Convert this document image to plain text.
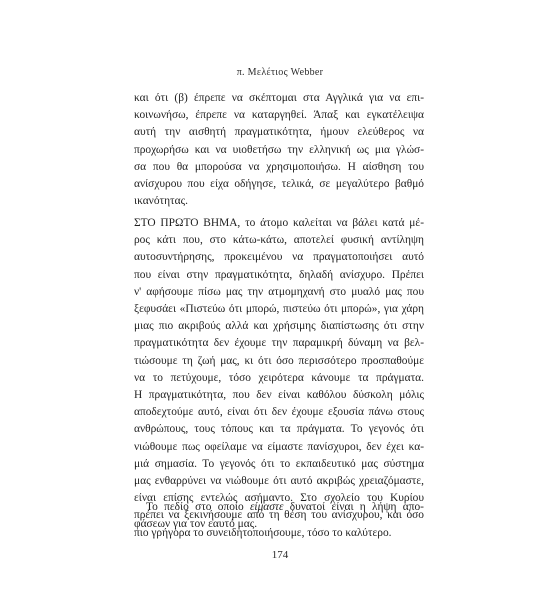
π. Μελέτιος Webber
και ότι (β) έπρεπε να σκέπτομαι στα Αγγλικά για να επι-
κοινωνήσω, έπρεπε να καταργηθεί. Άπαξ και εγκατέλειψα
αυτή την αισθητή πραγματικότητα, ήμουν ελεύθερος να
προχωρήσω και να υιοθετήσω την ελληνική ως μια γλώσ-
σα που θα μπορούσα να χρησιμοποιήσω. Η αίσθηση του
ανίσχυρου που είχα οδήγησε, τελικά, σε μεγαλύτερο βαθμό
ικανότητας.
ΣΤΟ ΠΡΩΤΟ ΒΗΜΑ, το άτομο καλείται να βάλει κατά μέ-
ρος κάτι που, στο κάτω-κάτω, αποτελεί φυσική αντίληψη
αυτοσυντήρησης, προκειμένου να πραγματοποιήσει αυτό
που είναι στην πραγματικότητα, δηλαδή ανίσχυρο. Πρέπει
ν' αφήσουμε πίσω μας την ατμομηχανή στο μυαλό μας που
ξεφυσάει «Πιστεύω ότι μπορώ, πιστεύω ότι μπορώ», για χάρη
μιας πιο ακριβούς αλλά και χρήσιμης διαπίστωσης ότι στην
πραγματικότητα δεν έχουμε την παραμικρή δύναμη να βελ-
τιώσουμε τη ζωή μας, κι ότι όσο περισσότερο προσπαθούμε
να το πετύχουμε, τόσο χειρότερα κάνουμε τα πράγματα.
Η πραγματικότητα, που δεν είναι καθόλου δύσκολη μόλις
αποδεχτούμε αυτό, είναι ότι δεν έχουμε εξουσία πάνω στους
ανθρώπους, τους τόπους και τα πράγματα. Το γεγονός ότι
νιώθουμε πως οφείλαμε να είμαστε πανίσχυροι, δεν έχει κα-
μιά σημασία. Το γεγονός ότι το εκπαιδευτικό μας σύστημα
μας ενθαρρύνει να νιώθουμε ότι αυτό ακριβώς χρειαζόμαστε,
είναι επίσης εντελώς ασήμαντο. Στο σχολείο του Κυρίου
πρέπει να ξεκινήσουμε από τη θέση του ανίσχυρου, και όσο
πιο γρήγορα το συνειδητοποιήσουμε, τόσο το καλύτερο.
Το πεδίο στο οποίο είμαστε δυνατοί είναι η λήψη απο-
φάσεων για τον εαυτό μας.
174
